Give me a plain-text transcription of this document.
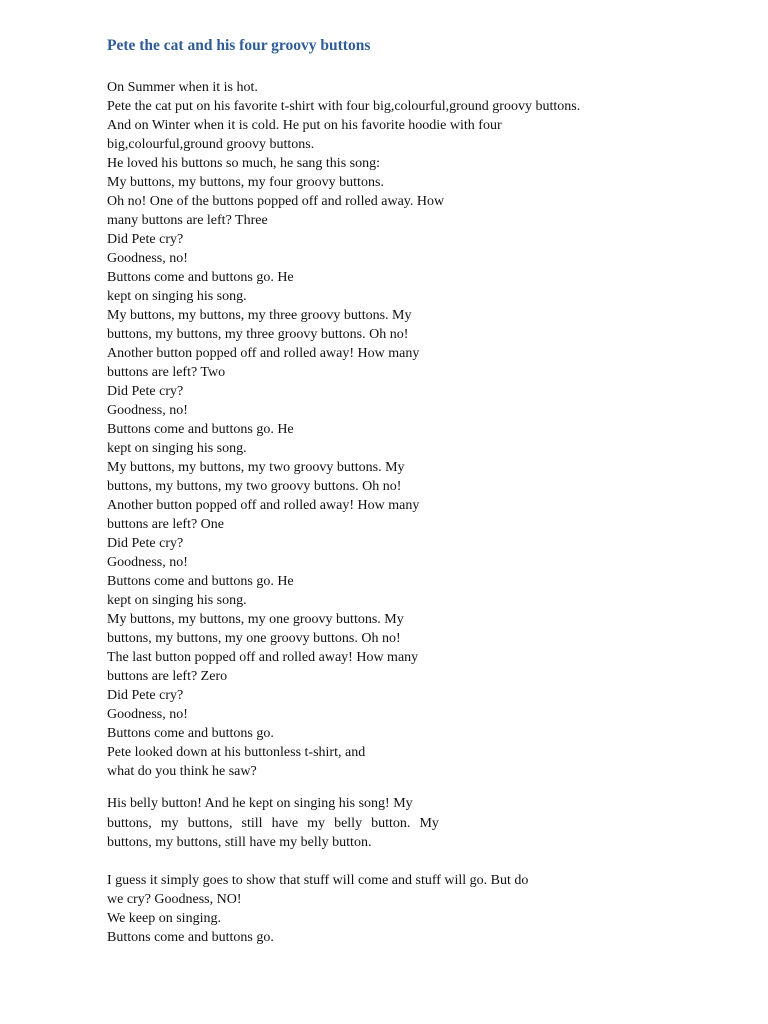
Pete the cat and his four groovy buttons

On Summer when it is hot.

Pete the cat put on his favorite t-shirt with four big,colourful,ground groovy buttons.

And on Winter when it is cold. He put on his favorite hoodie with four

big,colourful,ground groovy buttons.

He loved his buttons so much, he sang this song:

My buttons, my buttons, my four groovy buttons.

Oh no! One of the buttons popped off and rolled away. How

many buttons are left? Three

Did Pete cry?

Goodness, no!

Buttons come and buttons go. He

kept on singing his song.

My buttons, my buttons, my three groovy buttons. My

buttons, my buttons, my three groovy buttons. Oh no!

Another button popped off and rolled away! How many

buttons are left? Two

Did Pete cry?

Goodness, no!

Buttons come and buttons go. He

kept on singing his song.

My buttons, my buttons, my two groovy buttons. My

buttons, my buttons, my two groovy buttons. Oh no!

Another button popped off and rolled away! How many

buttons are left? One

Did Pete cry?

Goodness, no!

Buttons come and buttons go. He

kept on singing his song.

My buttons, my buttons, my one groovy buttons. My

buttons, my buttons, my one groovy buttons. Oh no!

The last button popped off and rolled away! How many

buttons are left? Zero

Did Pete cry?

Goodness, no!

Buttons come and buttons go.

Pete looked down at his buttonless t-shirt, and

what do you think he saw?

His belly button! And he kept on singing his song! My

buttons, my buttons, still have my belly button. My

buttons, my buttons, still have my belly button.

I guess it simply goes to show that stuff will come and stuff will go. But do

we cry? Goodness, NO!

We keep on singing.

Buttons come and buttons go.
